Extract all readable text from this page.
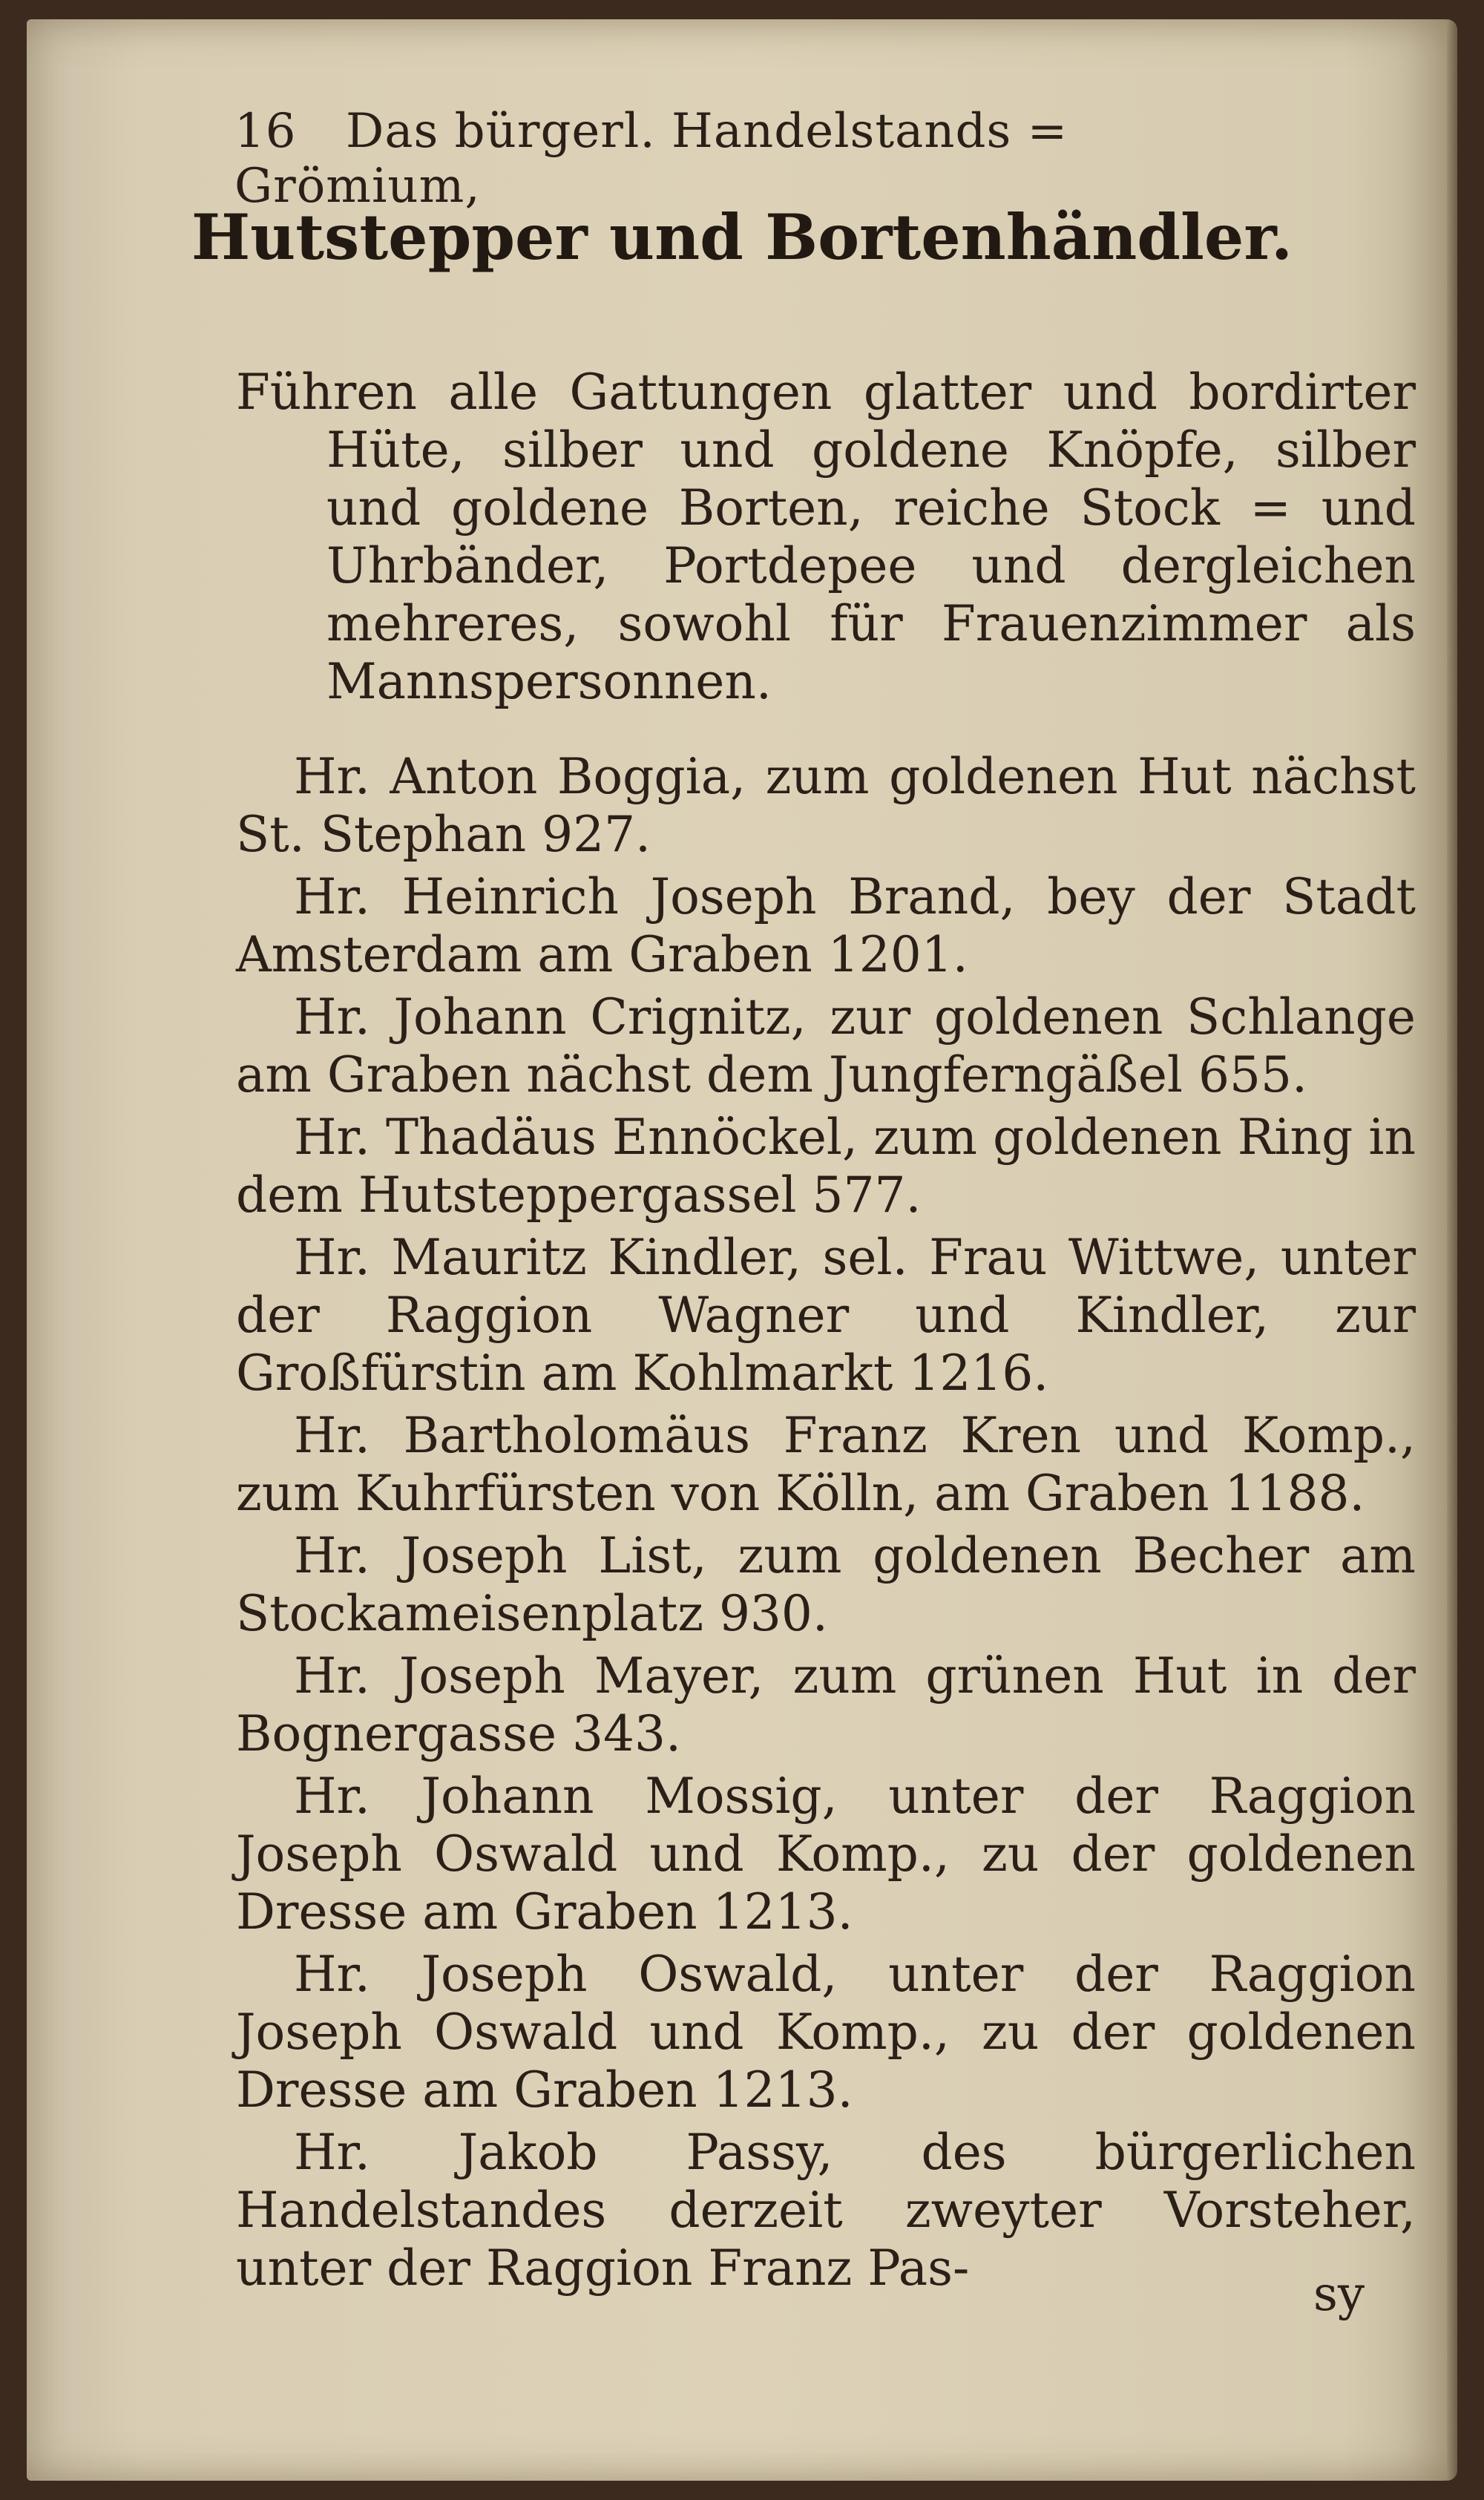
16 Das bürgerl. Handelstands = Grömium,
Hutstepper und Bortenhändler.

Führen alle Gattungen glatter und bordirter Hüte, silber und goldene Knöpfe, silber und goldene Borten, reiche Stock = und Uhrbänder, Portdepee und dergleichen mehreres, sowohl für Frauenzimmer als Mannspersonnen.

Hr. Anton Boggia, zum goldenen Hut nächst St. Stephan 927.

Hr. Heinrich Joseph Brand, bey der Stadt Amsterdam am Graben 1201.

Hr. Johann Crignitz, zur goldenen Schlange am Graben nächst dem Jungferngäßel 655.

Hr. Thadäus Ennöckel, zum goldenen Ring in dem Hutsteppergassel 577.

Hr. Mauritz Kindler, sel. Frau Wittwe, unter der Raggion Wagner und Kindler, zur Großfürstin am Kohlmarkt 1216.

Hr. Bartholomäus Franz Kren und Komp., zum Kuhrfürsten von Kölln, am Graben 1188.

Hr. Joseph List, zum goldenen Becher am Stockameisenplatz 930.

Hr. Joseph Mayer, zum grünen Hut in der Bognergasse 343.

Hr. Johann Mossig, unter der Raggion Joseph Oswald und Komp., zu der goldenen Dresse am Graben 1213.

Hr. Joseph Oswald, unter der Raggion Joseph Oswald und Komp., zu der goldenen Dresse am Graben 1213.

Hr. Jakob Passy, des bürgerlichen Handelstandes derzeit zweyter Vorsteher, unter der Raggion Franz Pas-	sy
